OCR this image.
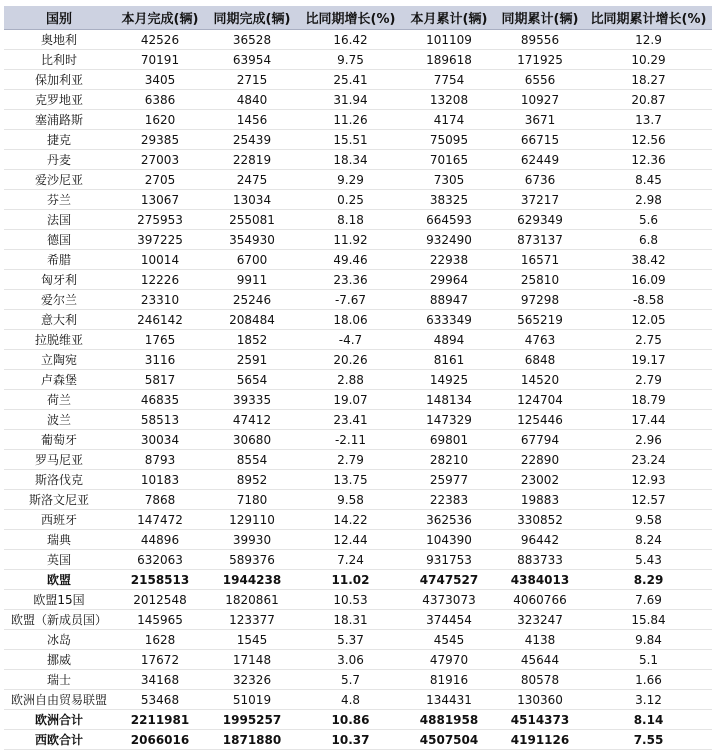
国别	本月完成(辆)	同期完成(辆)	比同期增长(%)	本月累计(辆)	同期累计(辆)	比同期累计增长(%)
奥地利	42526	36528	16.42	101109	89556	12.9
比利时	70191	63954	9.75	189618	171925	10.29
保加利亚	3405	2715	25.41	7754	6556	18.27
克罗地亚	6386	4840	31.94	13208	10927	20.87
塞浦路斯	1620	1456	11.26	4174	3671	13.7
捷克	29385	25439	15.51	75095	66715	12.56
丹麦	27003	22819	18.34	70165	62449	12.36
爱沙尼亚	2705	2475	9.29	7305	6736	8.45
芬兰	13067	13034	0.25	38325	37217	2.98
法国	275953	255081	8.18	664593	629349	5.6
德国	397225	354930	11.92	932490	873137	6.8
希腊	10014	6700	49.46	22938	16571	38.42
匈牙利	12226	9911	23.36	29964	25810	16.09
爱尔兰	23310	25246	-7.67	88947	97298	-8.58
意大利	246142	208484	18.06	633349	565219	12.05
拉脱维亚	1765	1852	-4.7	4894	4763	2.75
立陶宛	3116	2591	20.26	8161	6848	19.17
卢森堡	5817	5654	2.88	14925	14520	2.79
荷兰	46835	39335	19.07	148134	124704	18.79
波兰	58513	47412	23.41	147329	125446	17.44
葡萄牙	30034	30680	-2.11	69801	67794	2.96
罗马尼亚	8793	8554	2.79	28210	22890	23.24
斯洛伐克	10183	8952	13.75	25977	23002	12.93
斯洛文尼亚	7868	7180	9.58	22383	19883	12.57
西班牙	147472	129110	14.22	362536	330852	9.58
瑞典	44896	39930	12.44	104390	96442	8.24
英国	632063	589376	7.24	931753	883733	5.43
欧盟	2158513	1944238	11.02	4747527	4384013	8.29
欧盟15国	2012548	1820861	10.53	4373073	4060766	7.69
欧盟（新成员国）	145965	123377	18.31	374454	323247	15.84
冰岛	1628	1545	5.37	4545	4138	9.84
挪威	17672	17148	3.06	47970	45644	5.1
瑞士	34168	32326	5.7	81916	80578	1.66
欧洲自由贸易联盟	53468	51019	4.8	134431	130360	3.12
欧洲合计	2211981	1995257	10.86	4881958	4514373	8.14
西欧合计	2066016	1871880	10.37	4507504	4191126	7.55
